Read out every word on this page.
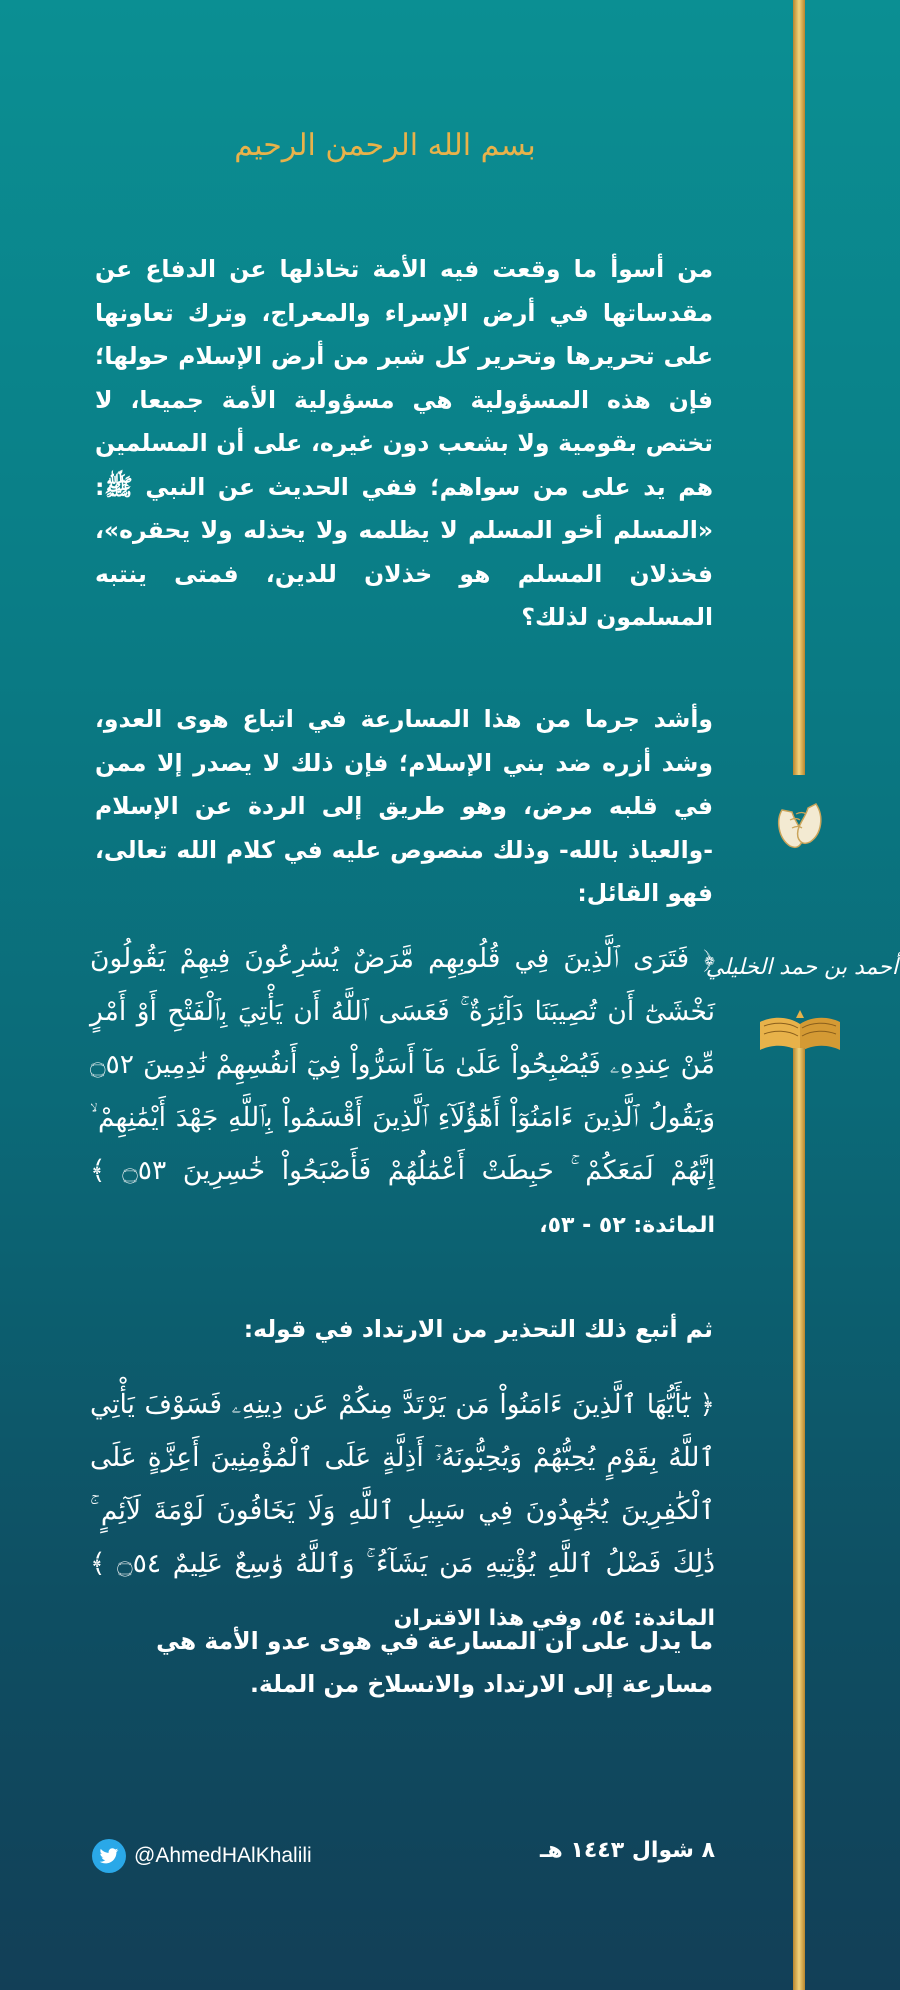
بسم الله الرحمن الرحيم

من أسوأ ما وقعت فيه الأمة تخاذلها عن الدفاع عن مقدساتها في أرض الإسراء والمعراج، وترك تعاونها على تحريرها وتحرير كل شبر من أرض الإسلام حولها؛ فإن هذه المسؤولية هي مسؤولية الأمة جميعا، لا تختص بقومية ولا بشعب دون غيره، على أن المسلمين هم يد على من سواهم؛ ففي الحديث عن النبي ﷺ: «المسلم أخو المسلم لا يظلمه ولا يخذله ولا يحقره»، فخذلان المسلم هو خذلان للدين، فمتى ينتبه المسلمون لذلك؟

وأشد جرما من هذا المسارعة في اتباع هوى العدو، وشد أزره ضد بني الإسلام؛ فإن ذلك لا يصدر إلا ممن في قلبه مرض، وهو طريق إلى الردة عن الإسلام -والعياذ بالله- وذلك منصوص عليه في كلام الله تعالى، فهو القائل:

﴿ فَتَرَى ٱلَّذِينَ فِي قُلُوبِهِم مَّرَضٌ يُسَٰرِعُونَ فِيهِمْ يَقُولُونَ نَخْشَىٰٓ أَن تُصِيبَنَا دَآئِرَةٌ ۚ فَعَسَى ٱللَّهُ أَن يَأْتِيَ بِٱلْفَتْحِ أَوْ أَمْرٍ مِّنْ عِندِهِۦ فَيُصْبِحُواْ عَلَىٰ مَآ أَسَرُّواْ فِيٓ أَنفُسِهِمْ نَٰدِمِينَ ۝٥٢ وَيَقُولُ ٱلَّذِينَ ءَامَنُوٓاْ أَهَٰٓؤُلَآءِ ٱلَّذِينَ أَقْسَمُواْ بِٱللَّهِ جَهْدَ أَيْمَٰنِهِمْ ۙ إِنَّهُمْ لَمَعَكُمْ ۚ حَبِطَتْ أَعْمَٰلُهُمْ فَأَصْبَحُواْ خَٰسِرِينَ ۝٥٣ ﴾ المائدة: ٥٢ - ٥٣،

ثم أتبع ذلك التحذير من الارتداد في قوله:

﴿ يَٰٓأَيُّهَا ٱلَّذِينَ ءَامَنُواْ مَن يَرْتَدَّ مِنكُمْ عَن دِينِهِۦ فَسَوْفَ يَأْتِي ٱللَّهُ بِقَوْمٍ يُحِبُّهُمْ وَيُحِبُّونَهُۥٓ أَذِلَّةٍ عَلَى ٱلْمُؤْمِنِينَ أَعِزَّةٍ عَلَى ٱلْكَٰفِرِينَ يُجَٰهِدُونَ فِي سَبِيلِ ٱللَّهِ وَلَا يَخَافُونَ لَوْمَةَ لَآئِمٍ ۚ ذَٰلِكَ فَضْلُ ٱللَّهِ يُؤْتِيهِ مَن يَشَآءُ ۚ وَٱللَّهُ وَٰسِعٌ عَلِيمٌ ۝٥٤ ﴾ المائدة: ٥٤، وفي هذا الاقتران

ما يدل على أن المسارعة في هوى عدو الأمة هي مسارعة إلى الارتداد والانسلاخ من الملة.

أحمد بن حمد الخليلي
@AhmedHAlKhalili	٨ شوال ١٤٤٣ هـ
